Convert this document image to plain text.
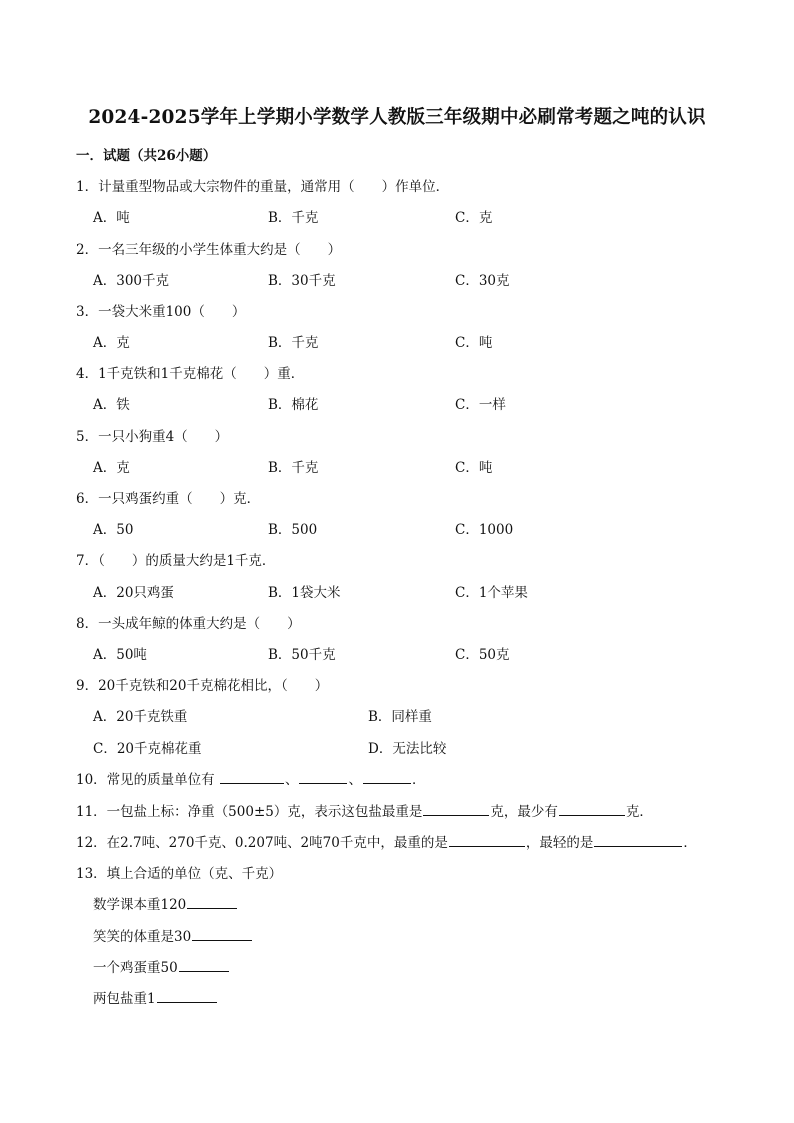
2024-2025学年上学期小学数学人教版三年级期中必刷常考题之吨的认识
一．试题（共26小题）
1．计量重型物品或大宗物件的重量，通常用（　　）作单位．
A．吨	B．千克	C．克
2．一名三年级的小学生体重大约是（　　）
A．300千克	B．30千克	C．30克
3．一袋大米重100（　　）
A．克	B．千克	C．吨
4．1千克铁和1千克棉花（　　）重．
A．铁	B．棉花	C．一样
5．一只小狗重4（　　）
A．克	B．千克	C．吨
6．一只鸡蛋约重（　　）克．
A．50	B．500	C．1000
7．（　　）的质量大约是1千克．
A．20只鸡蛋	B．1袋大米	C．1个苹果
8．一头成年鲸的体重大约是（　　）
A．50吨	B．50千克	C．50克
9．20千克铁和20千克棉花相比，（　　）
A．20千克铁重	B．同样重
C．20千克棉花重	D．无法比较
10．常见的质量单位有	、	、	．
11．一包盐上标：净重（500±5）克，表示这包盐最重是	克，最少有	克．
12．在2.7吨、270千克、0.207吨、2吨70千克中，最重的是	，最轻的是	．
13．填上合适的单位（克、千克）
数学课本重120
笑笑的体重是30
一个鸡蛋重50
两包盐重1
